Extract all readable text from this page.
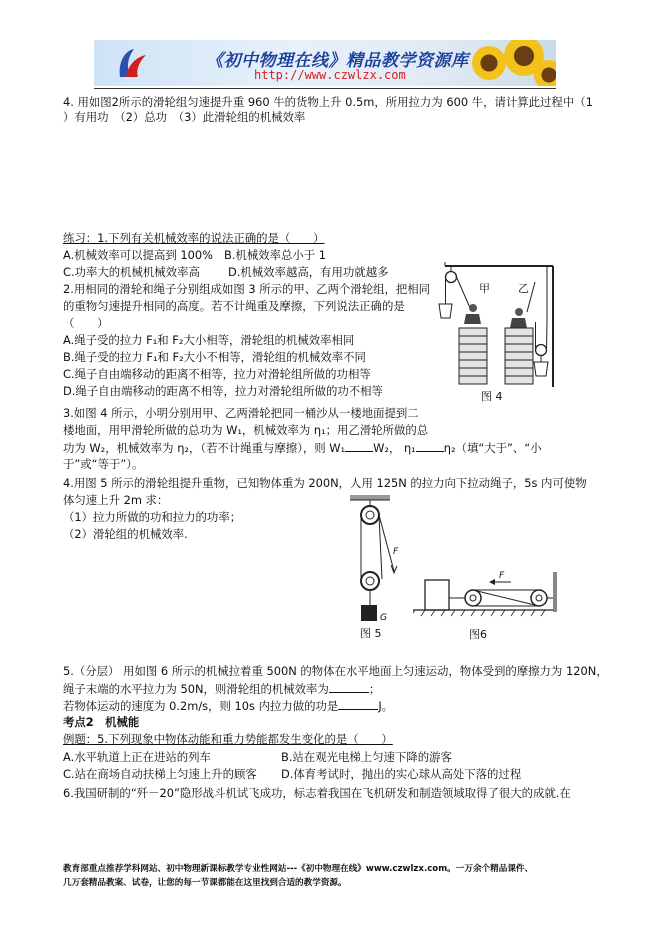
《初中物理在线》精品教学资源库
http://www.czwlzx.com
4. 用如图2所示的滑轮组匀速提升重 960 牛的货物上升 0.5m，所用拉力为 600 牛，请计算此过程中（1
）有用功　（2）总功　（3）此滑轮组的机械效率
练习：1.下列有关机械效率的说法正确的是（　　）
A.机械效率可以提高到 100% B.机械效率总小于 1
C.功率大的机械机械效率高 D.机械效率越高，有用功就越多
2.用相同的滑轮和绳子分别组成如图 3 所示的甲、乙两个滑轮组，把相同
的重物匀速提升相同的高度。若不计绳重及摩擦，下列说法正确的是
（　　）
A.绳子受的拉力 F₁和 F₂大小相等，滑轮组的机械效率相同
B.绳子受的拉力 F₁和 F₂大小不相等，滑轮组的机械效率不同
C.绳子自由端移动的距离不相等，拉力对滑轮组所做的功相等
D.绳子自由端移动的距离不相等，拉力对滑轮组所做的功不相等
甲	乙
图 4
3.如图 4 所示，小明分别用甲、乙两滑轮把同一桶沙从一楼地面提到二
楼地面，用甲滑轮所做的总功为 W₁，机械效率为 η₁；用乙滑轮所做的总
功为 W₂，机械效率为 η₂，（若不计绳重与摩擦），则 W₁ W₂， η₁ η₂（填“大于”、“小
于”或“等于”）。
4.用图 5 所示的滑轮组提升重物，已知物体重为 200N，人用 125N 的拉力向下拉动绳子，5s 内可使物
体匀速上升 2m 求：
（1）拉力所做的功和拉力的功率；
（2）滑轮组的机械效率.
F
G
图 5
F
图6
5.（分层） 用如图 6 所示的机械拉着重 500N 的物体在水平地面上匀速运动，物体受到的摩擦力为 120N，
绳子末端的水平拉力为 50N，则滑轮组的机械效率为	；
若物体运动的速度为 0.2m/s，则 10s 内拉力做的功是	J。
考点2　机械能
例题：5.下列现象中物体动能和重力势能都发生变化的是（　　）
A.水平轨道上正在进站的列车	B.站在观光电梯上匀速下降的游客
C.站在商场自动扶梯上匀速上升的顾客 D.体育考试时，抛出的实心球从高处下落的过程
6.我国研制的“歼－20”隐形战斗机试飞成功，标志着我国在飞机研发和制造领域取得了很大的成就.在
教育部重点推荐学科网站、初中物理新课标教学专业性网站---《初中物理在线》www.czwlzx.com。一万余个精品课件、
几万套精品教案、试卷，让您的每一节课都能在这里找到合适的教学资源。
